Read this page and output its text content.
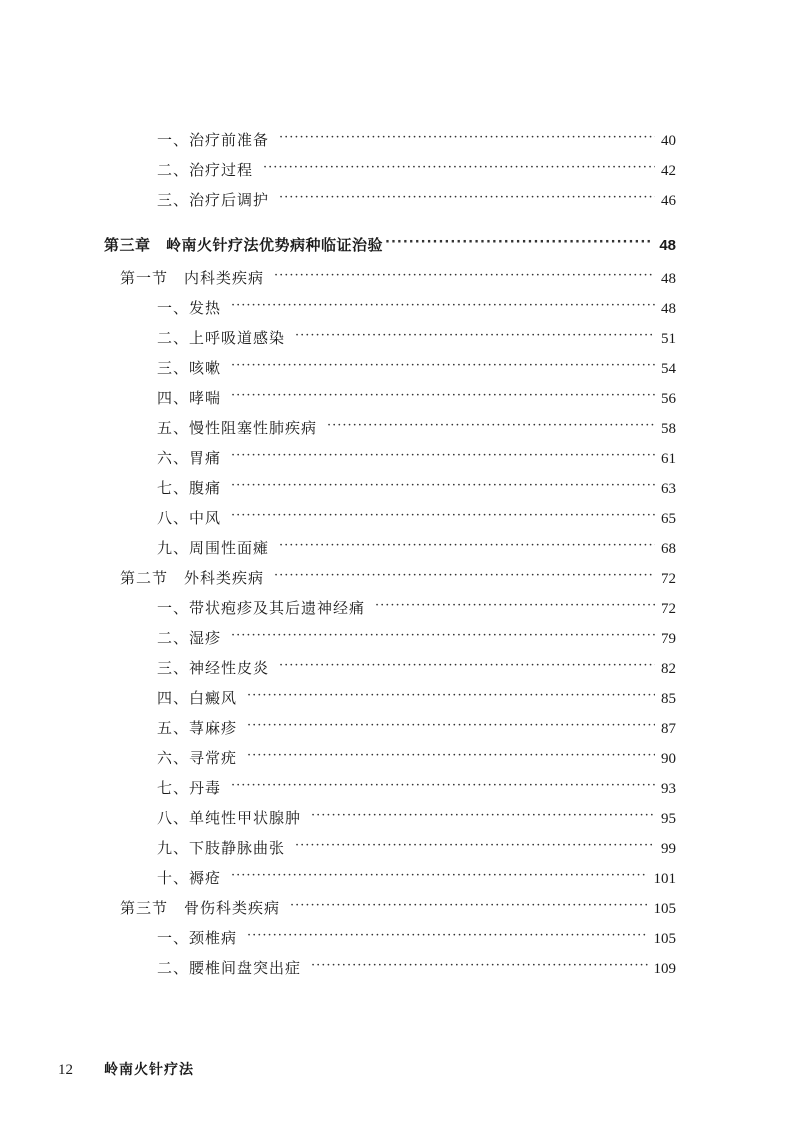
一、治疗前准备 ·····	40
二、治疗过程 ·····	42
三、治疗后调护 ·····	46
第三章　岭南火针疗法优势病种临证治验 ·····	48
第一节　内科类疾病 ·····	48
一、发热 ·····	48
二、上呼吸道感染 ·····	51
三、咳嗽 ·····	54
四、哮喘 ·····	56
五、慢性阻塞性肺疾病 ·····	58
六、胃痛 ·····	61
七、腹痛 ·····	63
八、中风 ·····	65
九、周围性面瘫 ·····	68
第二节　外科类疾病 ·····	72
一、带状疱疹及其后遗神经痛 ·····	72
二、湿疹 ·····	79
三、神经性皮炎 ·····	82
四、白癜风 ·····	85
五、荨麻疹 ·····	87
六、寻常疣 ·····	90
七、丹毒 ·····	93
八、单纯性甲状腺肿 ·····	95
九、下肢静脉曲张 ·····	99
十、褥疮 ·····	101
第三节　骨伤科类疾病 ·····	105
一、颈椎病 ·····	105
二、腰椎间盘突出症 ·····	109
12	岭南火针疗法
